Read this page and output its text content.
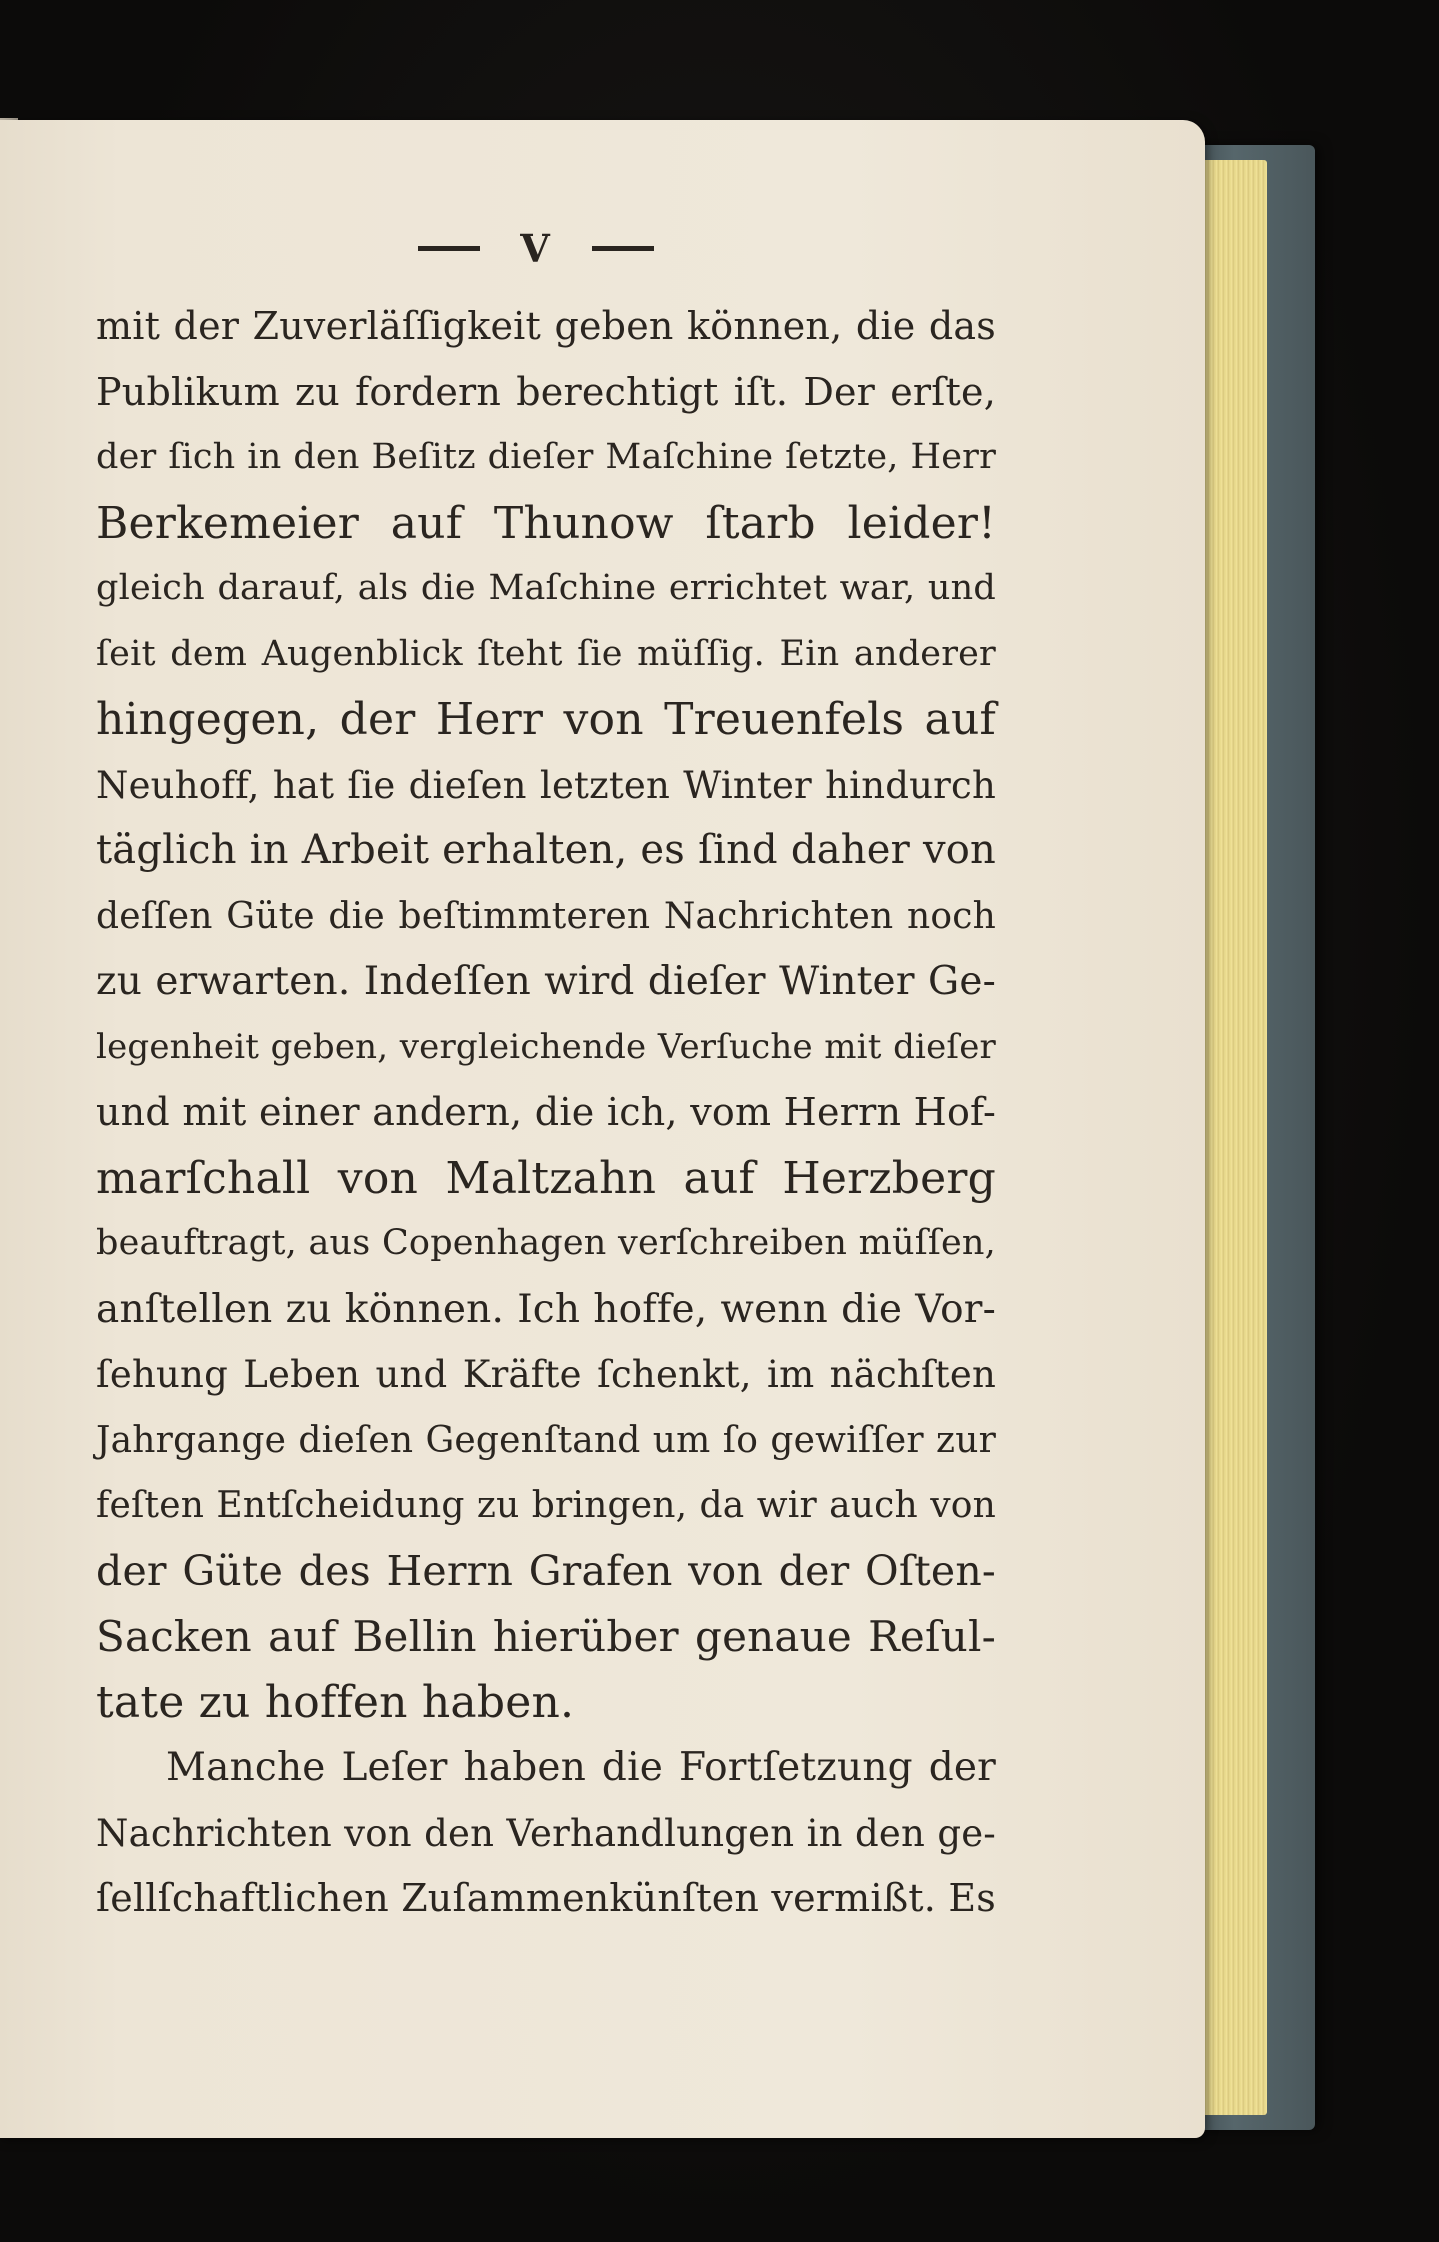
V
mit der Zuverläſſigkeit geben können, die das
Publikum zu fordern berechtigt iſt. Der erſte,
der ſich in den Beſitz dieſer Maſchine ſetzte, Herr
Berkemeier auf Thunow ſtarb leider!
gleich darauf, als die Maſchine errichtet war, und
ſeit dem Augenblick ſteht ſie müſſig. Ein anderer
hingegen, der Herr von Treuenfels auf
Neuhoff, hat ſie dieſen letzten Winter hindurch
täglich in Arbeit erhalten, es ſind daher von
deſſen Güte die beſtimmteren Nachrichten noch
zu erwarten. Indeſſen wird dieſer Winter Ge-
legenheit geben, vergleichende Verſuche mit dieſer
und mit einer andern, die ich, vom Herrn Hof-
marſchall von Maltzahn auf Herzberg
beauftragt, aus Copenhagen verſchreiben müſſen,
anſtellen zu können. Ich hoffe, wenn die Vor-
ſehung Leben und Kräfte ſchenkt, im nächſten
Jahrgange dieſen Gegenſtand um ſo gewiſſer zur
feſten Entſcheidung zu bringen, da wir auch von
der Güte des Herrn Grafen von der Oſten-
Sacken auf Bellin hierüber genaue Reſul-
tate zu hoffen haben.
Manche Leſer haben die Fortſetzung der
Nachrichten von den Verhandlungen in den ge-
ſellſchaftlichen Zuſammenkünſten vermißt. Es
